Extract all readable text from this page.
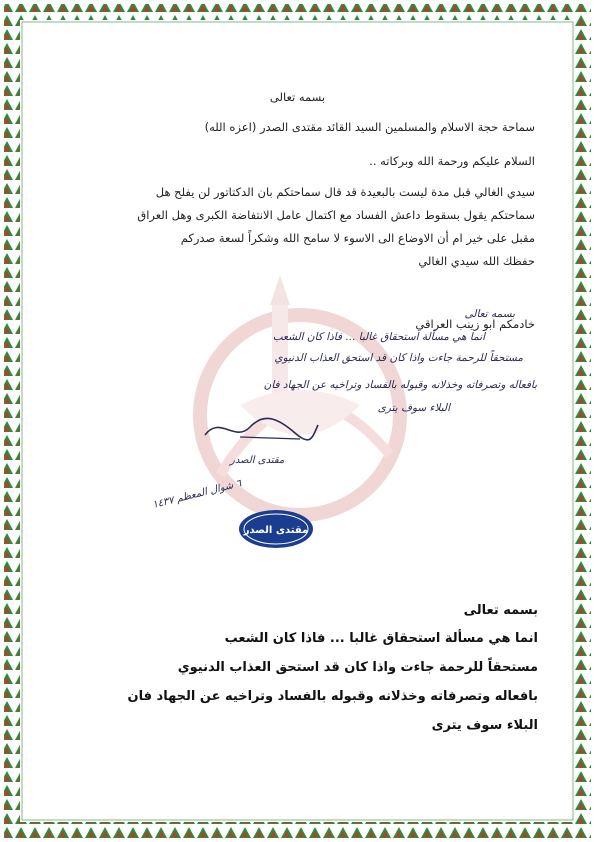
بسمه تعالى
سماحة حجة الاسلام والمسلمين السيد القائد مقتدى الصدر (اعزه الله)
السلام عليكم ورحمة الله وبركاته ..
سيدي الغالي قبل مدة ليست بالبعيدة قد قال سماحتكم بان الدكتاتور لن يفلح هل
سماحتكم يقول بسقوط داعش الفساد مع اكتمال عامل الانتفاضة الكبرى وهل العراق
مقبل على خير ام أن الاوضاع الى الاسوء لا سامح الله وشكراً لسعة صدركم
حفظك الله سيدي الغالي
خادمكم ابو زينب العراقي
بسمه تعالى
انما هي مسألة استحقاق غالبا ... فاذا كان الشعب
مستحقاً للرحمة جاءت واذا كان قد استحق العذاب الدنيوي
بافعاله وتصرفاته وخذلانه وقبوله بالفساد وتراخيه عن الجهاد فان
البلاء سوف يترى
مقتدى الصدر
٦ شوال المعظم ١٤٣٧
مقتدى الصدر
بسمه تعالى
انما هي مسألة استحقاق غالبا ... فاذا كان الشعب
مستحقاً للرحمة جاءت واذا كان قد استحق العذاب الدنيوي
بافعاله وتصرفاته وخذلانه وقبوله بالفساد وتراخيه عن الجهاد فان
البلاء سوف يترى
